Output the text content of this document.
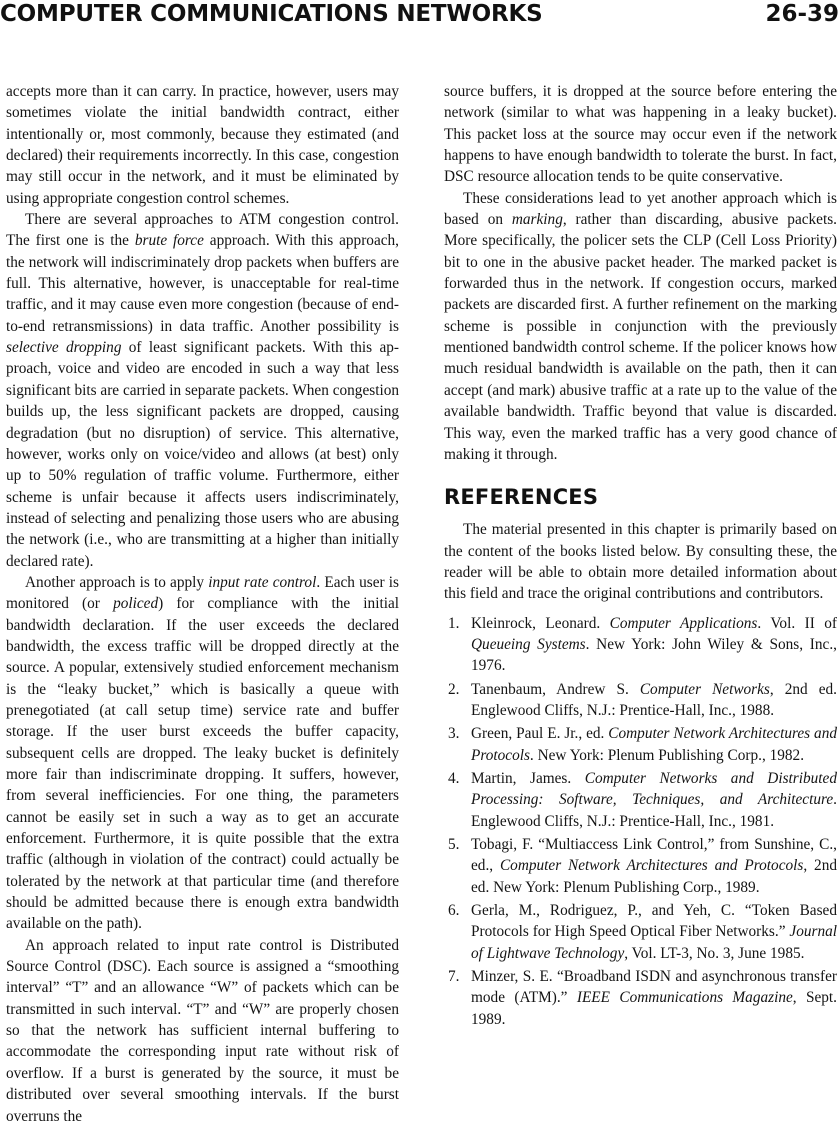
COMPUTER COMMUNICATIONS NETWORKS	26-39

accepts more than it can carry. In practice, however, users may sometimes violate the initial bandwidth contract, either intentionally or, most commonly, because they estimated (and declared) their requirements incorrectly. In this case, congestion may still occur in the network, and it must be eliminated by using appropriate congestion control schemes.

There are several approaches to ATM congestion control. The first one is the brute force approach. With this approach, the network will indiscriminately drop packets when buffers are full. This alternative, however, is unacceptable for real-time traffic, and it may cause even more congestion (because of end-to-end retransmissions) in data traffic. Another possibility is selective dropping of least significant packets. With this approach, voice and video are encoded in such a way that less significant bits are carried in separate packets. When congestion builds up, the less significant packets are dropped, causing degradation (but no disruption) of service. This alternative, however, works only on voice/​video and allows (at best) only up to 50% regulation of traffic volume. Furthermore, either scheme is unfair because it affects users indiscriminately, instead of selecting and penalizing those users who are abusing the network (i.e., who are transmitting at a higher than initially declared rate).

Another approach is to apply input rate control. Each user is monitored (or policed) for compliance with the initial bandwidth declaration. If the user exceeds the declared bandwidth, the excess traffic will be dropped directly at the source. A popular, extensively studied enforcement mechanism is the “leaky bucket,” which is basically a queue with prenegotiated (at call setup time) service rate and buffer storage. If the user burst exceeds the buffer capacity, subsequent cells are dropped. The leaky bucket is definitely more fair than indiscriminate dropping. It suffers, however, from several inefficiencies. For one thing, the parameters cannot be easily set in such a way as to get an accurate enforcement. Furthermore, it is quite possible that the extra traffic (although in violation of the contract) could actually be tolerated by the network at that particular time (and therefore should be admitted because there is enough extra bandwidth available on the path).

An approach related to input rate control is Distributed Source Control (DSC). Each source is assigned a “smoothing interval” “T” and an allowance “W” of packets which can be transmitted in such interval. “T” and “W” are properly chosen so that the network has sufficient internal buffering to accommodate the corresponding input rate without risk of overflow. If a burst is generated by the source, it must be distributed over several smoothing intervals. If the burst overruns the

source buffers, it is dropped at the source before entering the network (similar to what was happening in a leaky bucket). This packet loss at the source may occur even if the network happens to have enough bandwidth to tolerate the burst. In fact, DSC resource allocation tends to be quite conservative.

These considerations lead to yet another approach which is based on marking, rather than discarding, abusive packets. More specifically, the policer sets the CLP (Cell Loss Priority) bit to one in the abusive packet header. The marked packet is forwarded thus in the network. If congestion occurs, marked packets are discarded first. A further refinement on the marking scheme is possible in conjunction with the previously mentioned bandwidth control scheme. If the policer knows how much residual bandwidth is available on the path, then it can accept (and mark) abusive traffic at a rate up to the value of the available bandwidth. Traffic beyond that value is discarded. This way, even the marked traffic has a very good chance of making it through.

REFERENCES

The material presented in this chapter is primarily based on the content of the books listed below. By consulting these, the reader will be able to obtain more detailed information about this field and trace the original contributions and contributors.

1. Kleinrock, Leonard. Computer Applications. Vol. II of Queueing Systems. New York: John Wiley & Sons, Inc., 1976.
2. Tanenbaum, Andrew S. Computer Networks, 2nd ed. Englewood Cliffs, N.J.: Prentice-Hall, Inc., 1988.
3. Green, Paul E. Jr., ed. Computer Network Architectures and Protocols. New York: Plenum Publishing Corp., 1982.
4. Martin, James. Computer Networks and Distributed Processing: Software, Techniques, and Architecture. Englewood Cliffs, N.J.: Prentice-Hall, Inc., 1981.
5. Tobagi, F. “Multiaccess Link Control,” from Sunshine, C., ed., Computer Network Architectures and Protocols, 2nd ed. New York: Plenum Publishing Corp., 1989.
6. Gerla, M., Rodriguez, P., and Yeh, C. “Token Based Protocols for High Speed Optical Fiber Networks.” Journal of Lightwave Technology, Vol. LT-3, No. 3, June 1985.
7. Minzer, S. E. “Broadband ISDN and asynchronous transfer mode (ATM).” IEEE Communications Magazine, Sept. 1989.
